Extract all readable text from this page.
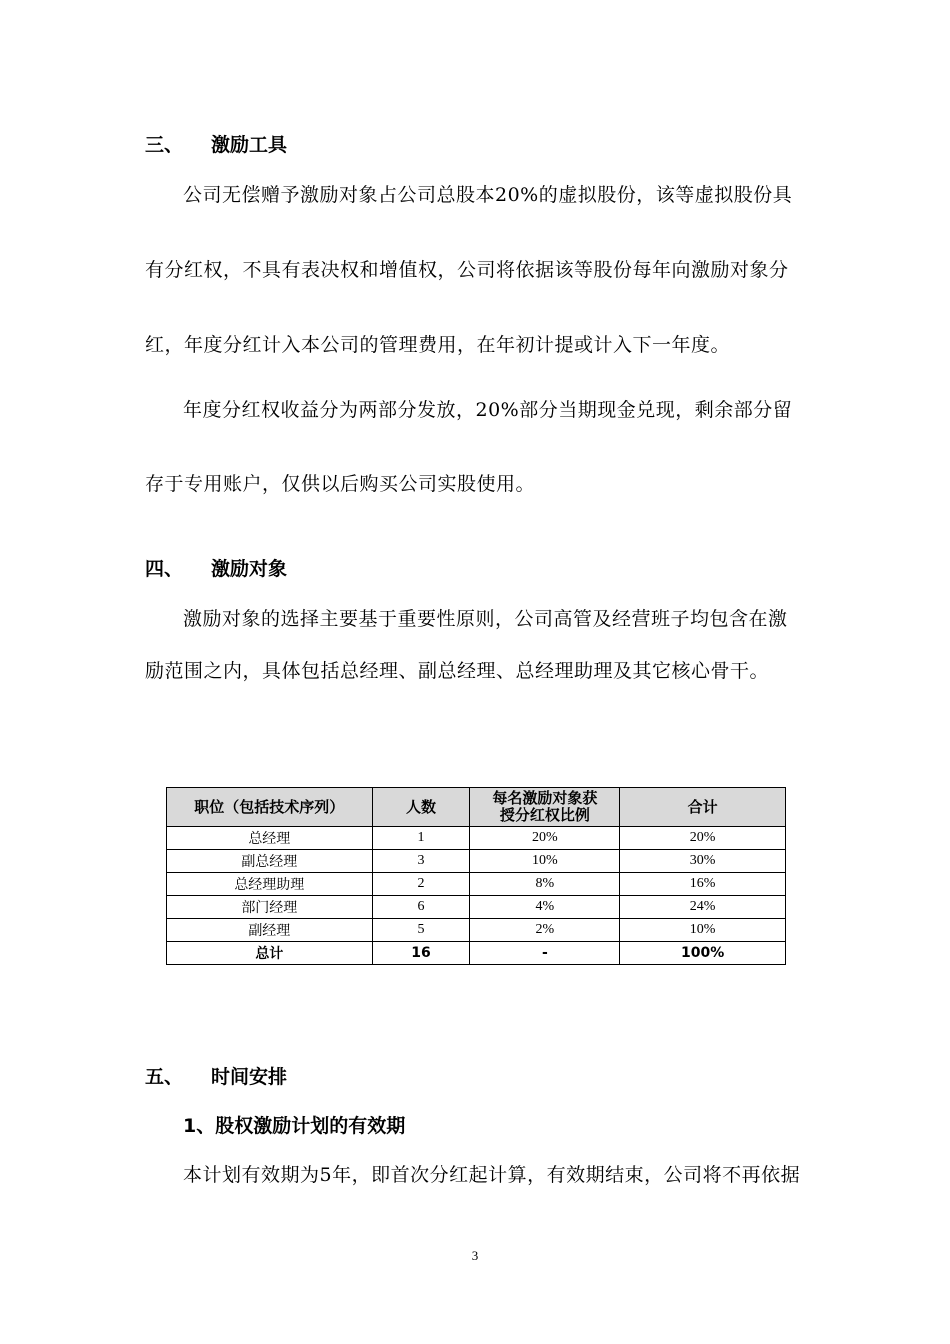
三、 激励工具
公司无偿赠予激励对象占公司总股本20%的虚拟股份，该等虚拟股份具
有分红权，不具有表决权和增值权，公司将依据该等股份每年向激励对象分
红，年度分红计入本公司的管理费用，在年初计提或计入下一年度。
年度分红权收益分为两部分发放，20%部分当期现金兑现，剩余部分留
存于专用账户，仅供以后购买公司实股使用。
四、 激励对象
激励对象的选择主要基于重要性原则，公司高管及经营班子均包含在激
励范围之内，具体包括总经理、副总经理、总经理助理及其它核心骨干。
职位（包括技术序列）	人数	每名激励对象获授分红权比例	合计
总经理	1	20%	20%
副总经理	3	10%	30%
总经理助理	2	8%	16%
部门经理	6	4%	24%
副经理	5	2%	10%
总计	16	-	100%
五、 时间安排
1、股权激励计划的有效期
本计划有效期为5年，即首次分红起计算，有效期结束，公司将不再依据
3
